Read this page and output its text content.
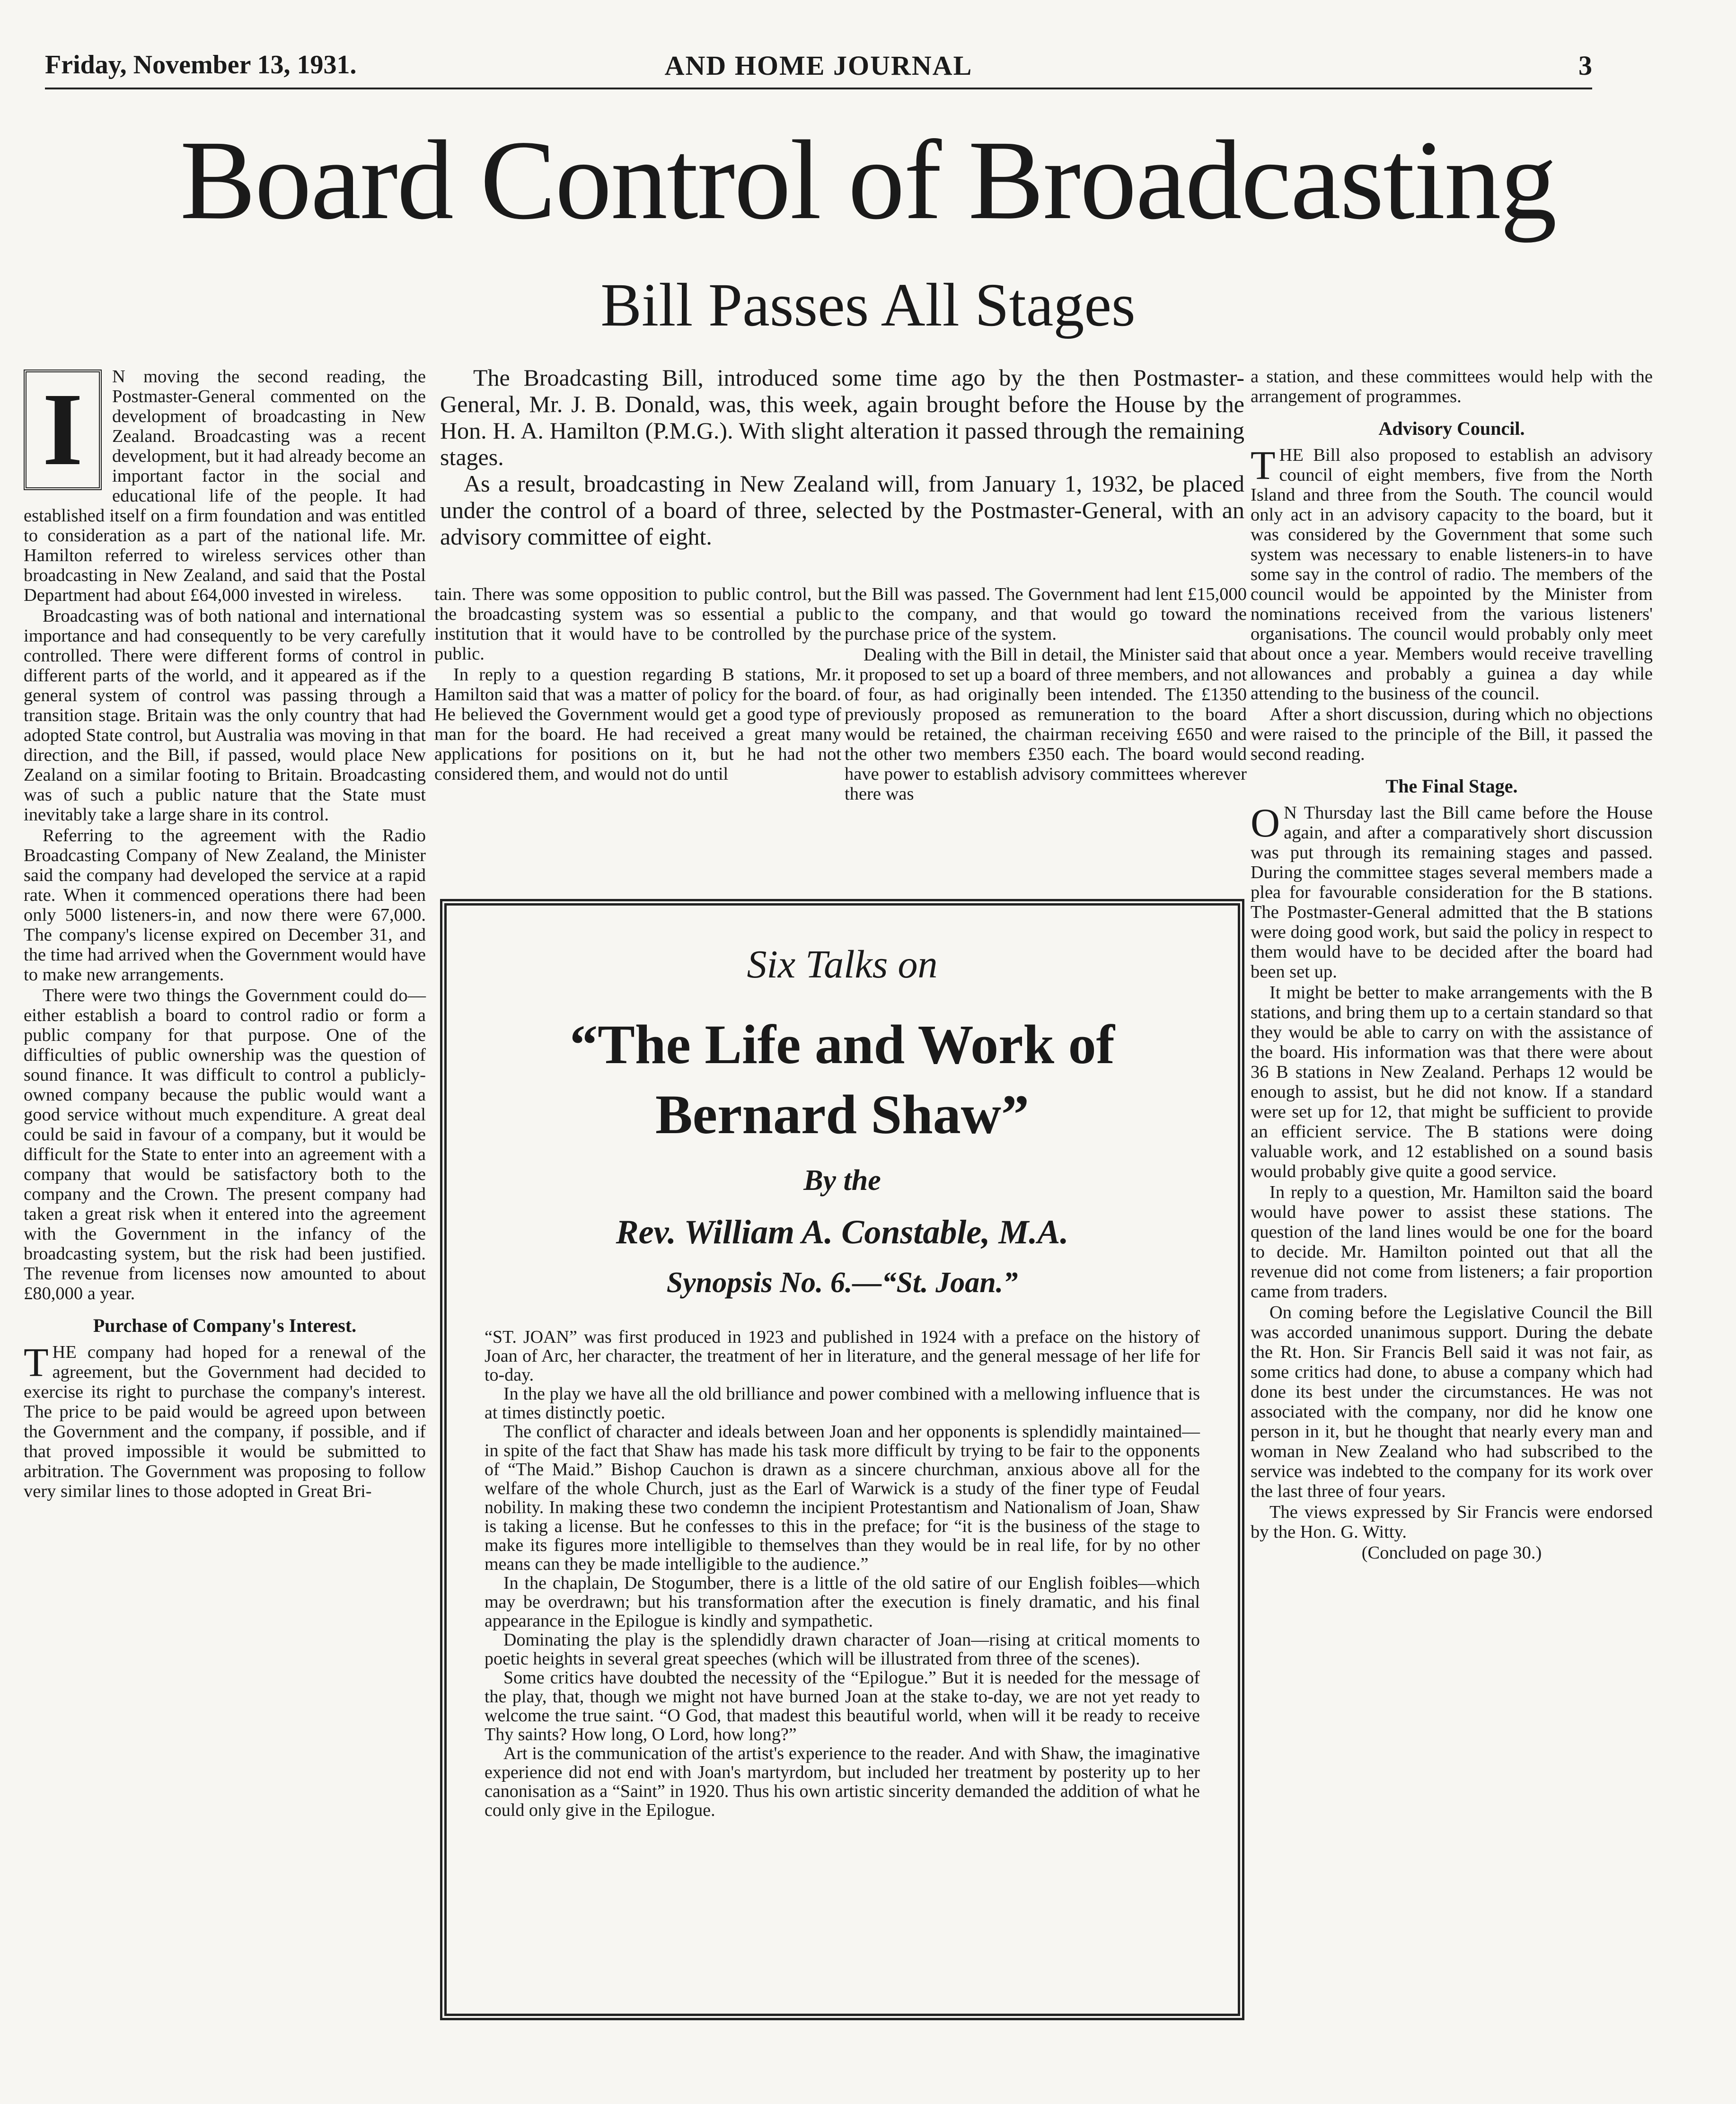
Friday, November 13, 1931.	AND HOME JOURNAL	3
Board Control of Broadcasting
Bill Passes All Stages

I	N moving the second reading, the Postmaster-General commented on the development of broadcasting in New Zealand. Broadcasting was a recent development, but it had already become an important factor in the social and educational life of the people. It had established itself on a firm foundation and was entitled to consideration as a part of the national life. Mr. Hamilton referred to wireless services other than broadcasting in New Zealand, and said that the Postal Department had about £64,000 invested in wireless.

Broadcasting was of both national and international importance and had consequently to be very carefully controlled. There were different forms of control in different parts of the world, and it appeared as if the general system of control was passing through a transition stage. Britain was the only country that had adopted State control, but Australia was moving in that direction, and the Bill, if passed, would place New Zealand on a similar footing to Britain. Broadcasting was of such a public nature that the State must inevitably take a large share in its control.

Referring to the agreement with the Radio Broadcasting Company of New Zealand, the Minister said the company had developed the service at a rapid rate. When it commenced operations there had been only 5000 listeners-in, and now there were 67,000. The company's license expired on December 31, and the time had arrived when the Government would have to make new arrangements.

There were two things the Government could do—either establish a board to control radio or form a public company for that purpose. One of the difficulties of public ownership was the question of sound finance. It was difficult to control a publicly-owned company because the public would want a good service without much expenditure. A great deal could be said in favour of a company, but it would be difficult for the State to enter into an agreement with a company that would be satisfactory both to the company and the Crown. The present company had taken a great risk when it entered into the agreement with the Government in the infancy of the broadcasting system, but the risk had been justified. The revenue from licenses now amounted to about £80,000 a year.

Purchase of Company's Interest.

THE company had hoped for a renewal of the agreement, but the Government had decided to exercise its right to purchase the company's interest. The price to be paid would be agreed upon between the Government and the company, if possible, and if that proved impossible it would be submitted to arbitration. The Government was proposing to follow very similar lines to those adopted in Great Bri-

The Broadcasting Bill, introduced some time ago by the then Postmaster-General, Mr. J. B. Donald, was, this week, again brought before the House by the Hon. H. A. Hamilton (P.M.G.). With slight alteration it passed through the remaining stages.

As a result, broadcasting in New Zealand will, from January 1, 1932, be placed under the control of a board of three, selected by the Postmaster-General, with an advisory committee of eight.

tain. There was some opposition to public control, but the broadcasting system was so essential a public institution that it would have to be controlled by the public.

In reply to a question regarding B stations, Mr. Hamilton said that was a matter of policy for the board. He believed the Government would get a good type of man for the board. He had received a great many applications for positions on it, but he had not considered them, and would not do until

the Bill was passed. The Government had lent £15,000 to the company, and that would go toward the purchase price of the system.

Dealing with the Bill in detail, the Minister said that it proposed to set up a board of three members, and not of four, as had originally been intended. The £1350 previously proposed as remuneration to the board would be retained, the chairman receiving £650 and the other two members £350 each. The board would have power to establish advisory committees wherever there was

a station, and these committees would help with the arrangement of programmes.

Advisory Council.

THE Bill also proposed to establish an advisory council of eight members, five from the North Island and three from the South. The council would only act in an advisory capacity to the board, but it was considered by the Government that some such system was necessary to enable listeners-in to have some say in the control of radio. The members of the council would be appointed by the Minister from nominations received from the various listeners' organisations. The council would probably only meet about once a year. Members would receive travelling allowances and probably a guinea a day while attending to the business of the council.

After a short discussion, during which no objections were raised to the principle of the Bill, it passed the second reading.

The Final Stage.

O N Thursday last the Bill came before the House again, and after a comparatively short discussion was put through its remaining stages and passed. During the committee stages several members made a plea for favourable consideration for the B stations. The Postmaster-General admitted that the B stations were doing good work, but said the policy in respect to them would have to be decided after the board had been set up.

It might be better to make arrangements with the B stations, and bring them up to a certain standard so that they would be able to carry on with the assistance of the board. His information was that there were about 36 B stations in New Zealand. Perhaps 12 would be enough to assist, but he did not know. If a standard were set up for 12, that might be sufficient to provide an efficient service. The B stations were doing valuable work, and 12 established on a sound basis would probably give quite a good service.

In reply to a question, Mr. Hamilton said the board would have power to assist these stations. The question of the land lines would be one for the board to decide. Mr. Hamilton pointed out that all the revenue did not come from listeners; a fair proportion came from traders.

On coming before the Legislative Council the Bill was accorded unanimous support. During the debate the Rt. Hon. Sir Francis Bell said it was not fair, as some critics had done, to abuse a company which had done its best under the circumstances. He was not associated with the company, nor did he know one person in it, but he thought that nearly every man and woman in New Zealand who had subscribed to the service was indebted to the company for its work over the last three of four years.

The views expressed by Sir Francis were endorsed by the Hon. G. Witty.

(Concluded on page 30.)

Six Talks on
“The Life and Work of
Bernard Shaw”
By the
Rev. William A. Constable, M.A.
Synopsis No. 6.—“St. Joan.”

“ST. JOAN” was first produced in 1923 and published in 1924 with a preface on the history of Joan of Arc, her character, the treatment of her in literature, and the general message of her life for to-day.

In the play we have all the old brilliance and power combined with a mellowing influence that is at times distinctly poetic.

The conflict of character and ideals between Joan and her opponents is splendidly maintained—in spite of the fact that Shaw has made his task more difficult by trying to be fair to the opponents of “The Maid.” Bishop Cauchon is drawn as a sincere churchman, anxious above all for the welfare of the whole Church, just as the Earl of Warwick is a study of the finer type of Feudal nobility. In making these two condemn the incipient Protestantism and Nationalism of Joan, Shaw is taking a license. But he confesses to this in the preface; for “it is the business of the stage to make its figures more intelligible to themselves than they would be in real life, for by no other means can they be made intelligible to the audience.”

In the chaplain, De Stogumber, there is a little of the old satire of our English foibles—which may be overdrawn; but his transformation after the execution is finely dramatic, and his final appearance in the Epilogue is kindly and sympathetic.

Dominating the play is the splendidly drawn character of Joan—rising at critical moments to poetic heights in several great speeches (which will be illustrated from three of the scenes).

Some critics have doubted the necessity of the “Epilogue.” But it is needed for the message of the play, that, though we might not have burned Joan at the stake to-day, we are not yet ready to welcome the true saint. “O God, that madest this beautiful world, when will it be ready to receive Thy saints? How long, O Lord, how long?”

Art is the communication of the artist's experience to the reader. And with Shaw, the imaginative experience did not end with Joan's martyrdom, but included her treatment by posterity up to her canonisation as a “Saint” in 1920. Thus his own artistic sincerity demanded the addition of what he could only give in the Epilogue.
